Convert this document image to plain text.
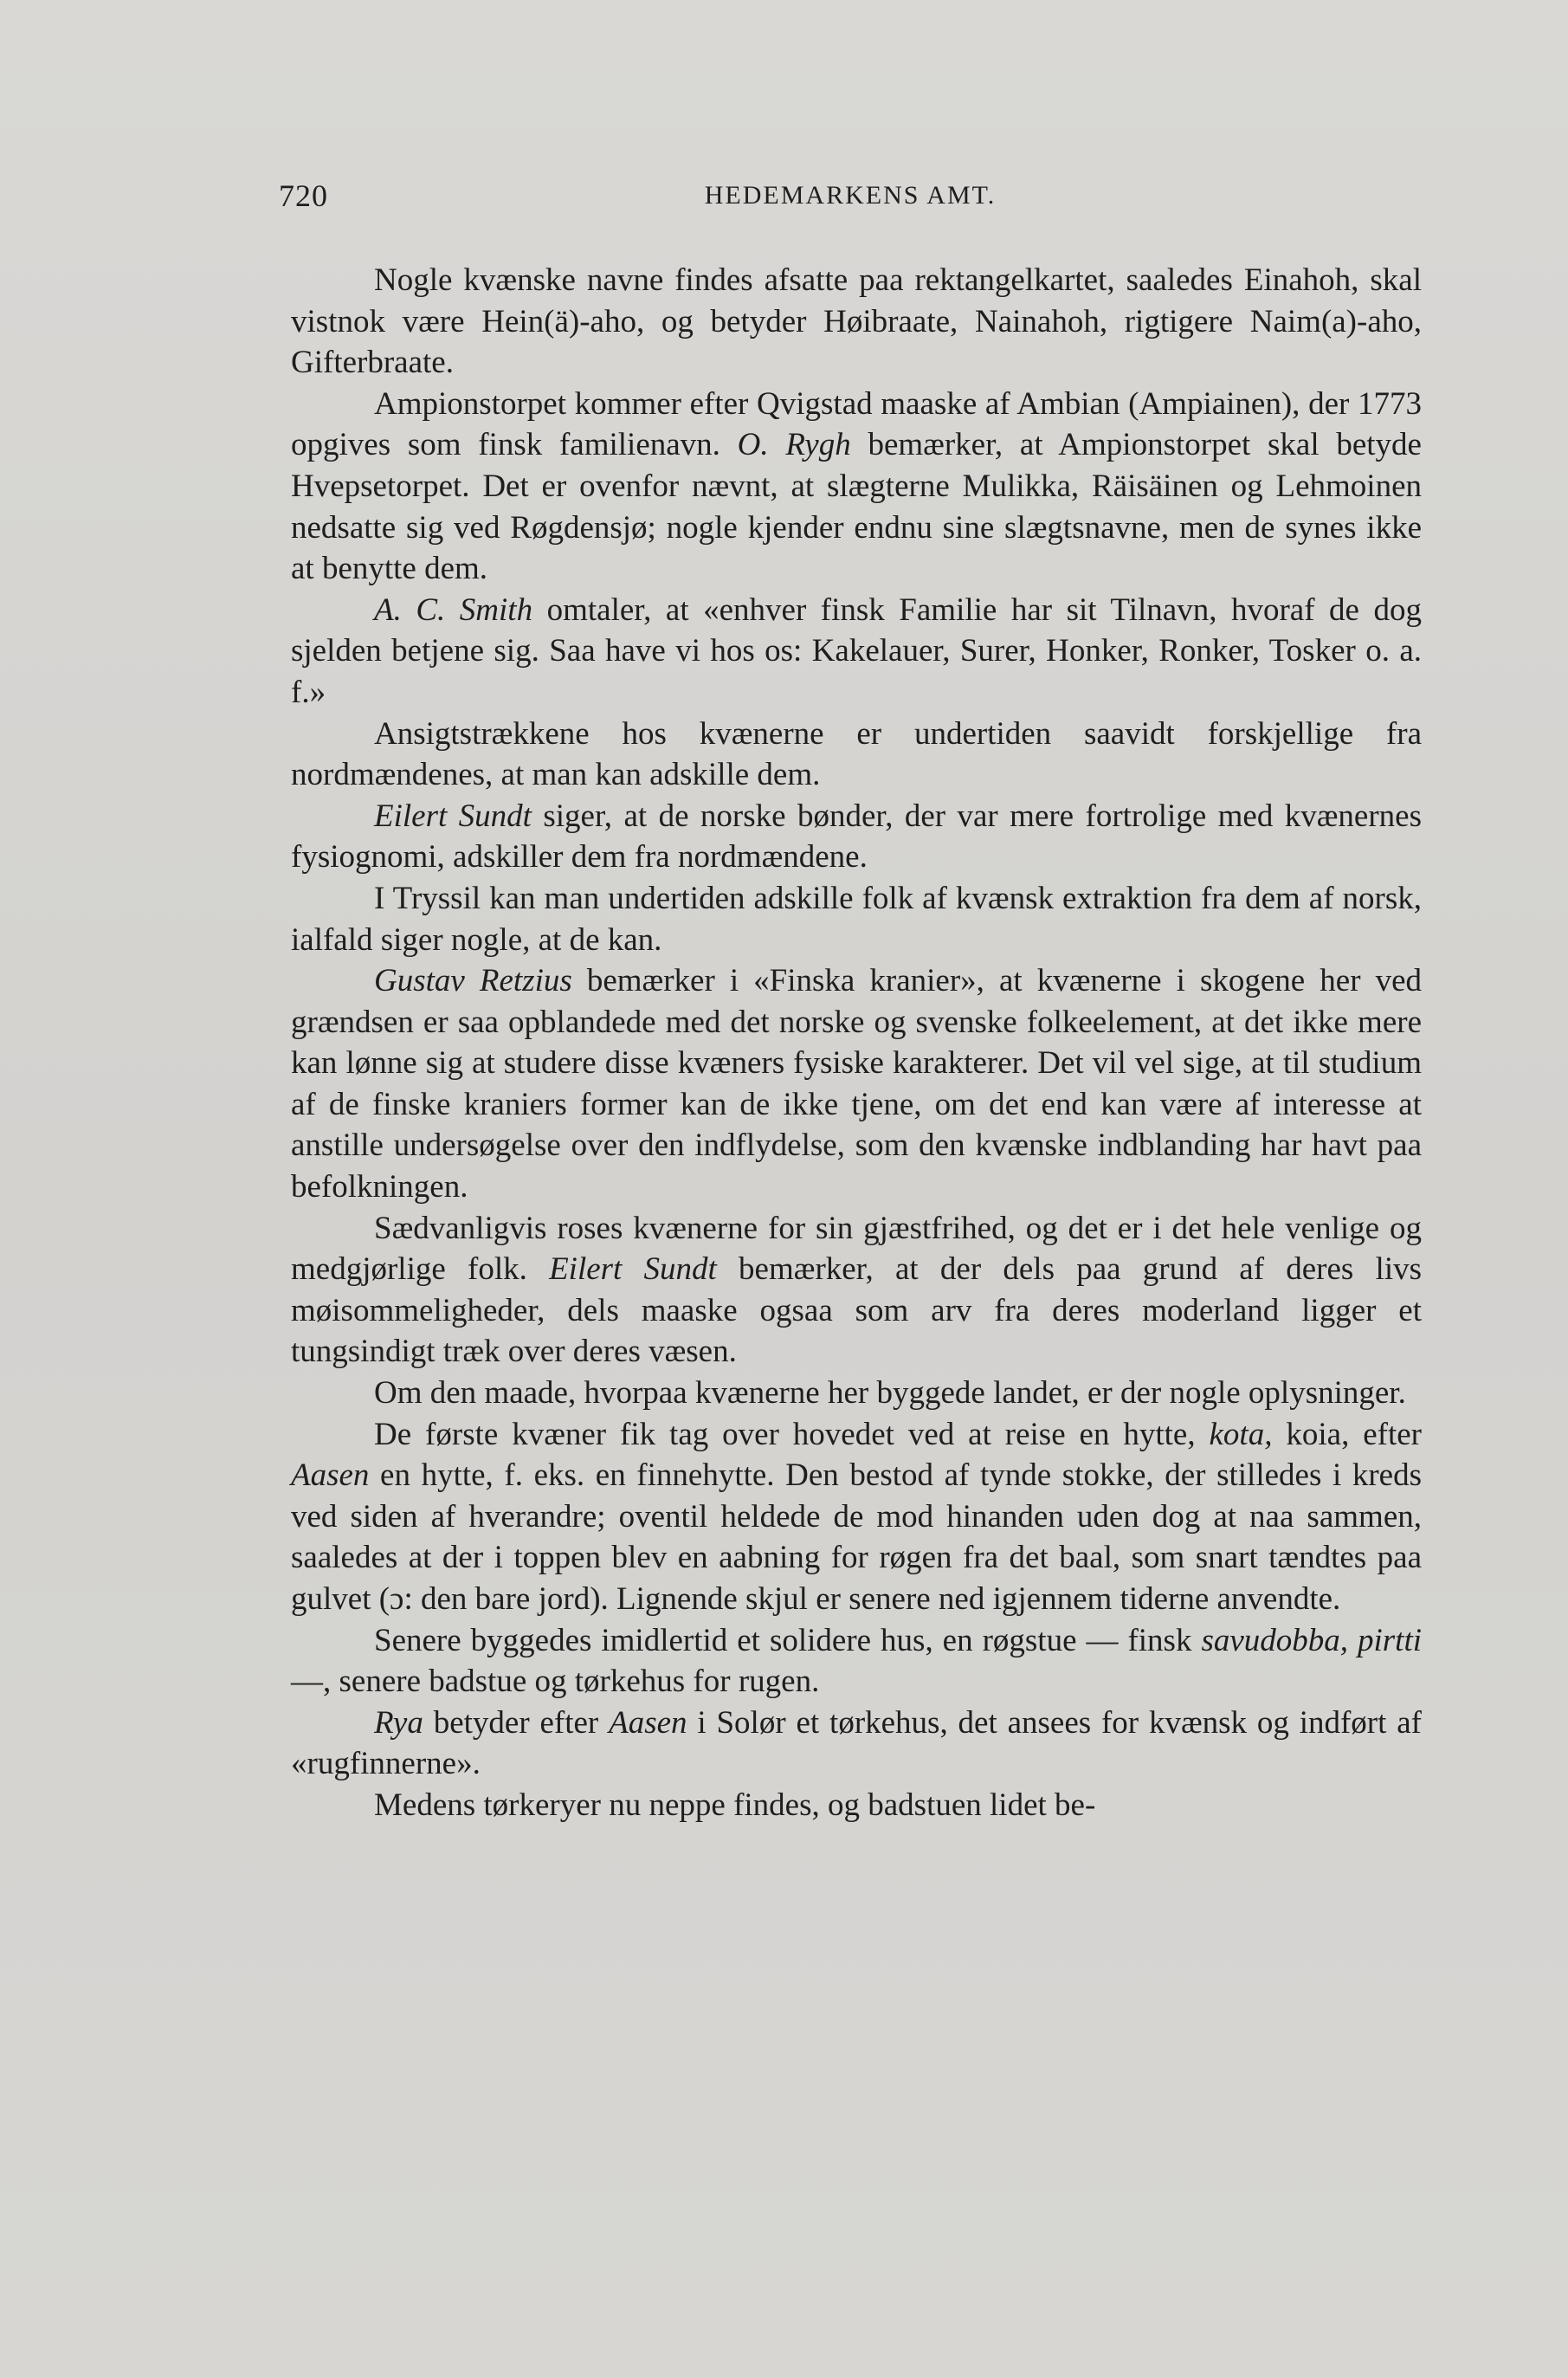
720	HEDEMARKENS AMT.

Nogle kvænske navne findes afsatte paa rektangelkartet, saaledes Einahoh, skal vistnok være Hein(ä)-aho, og betyder Høibraate, Nainahoh, rigtigere Naim(a)-aho, Gifterbraate.

Ampionstorpet kommer efter Qvigstad maaske af Ambian (Ampiainen), der 1773 opgives som finsk familienavn. O. Rygh bemærker, at Ampionstorpet skal betyde Hvepsetorpet. Det er ovenfor nævnt, at slægterne Mulikka, Räisäinen og Lehmoinen nedsatte sig ved Røgdensjø; nogle kjender endnu sine slægtsnavne, men de synes ikke at benytte dem.

A. C. Smith omtaler, at «enhver finsk Familie har sit Tilnavn, hvoraf de dog sjelden betjene sig. Saa have vi hos os: Kakelauer, Surer, Honker, Ronker, Tosker o. a. f.»

Ansigtstrækkene hos kvænerne er undertiden saavidt forskjellige fra nordmændenes, at man kan adskille dem.

Eilert Sundt siger, at de norske bønder, der var mere fortrolige med kvænernes fysiognomi, adskiller dem fra nordmændene.

I Tryssil kan man undertiden adskille folk af kvænsk extraktion fra dem af norsk, ialfald siger nogle, at de kan.

Gustav Retzius bemærker i «Finska kranier», at kvænerne i skogene her ved grændsen er saa opblandede med det norske og svenske folkeelement, at det ikke mere kan lønne sig at studere disse kvæners fysiske karakterer. Det vil vel sige, at til studium af de finske kraniers former kan de ikke tjene, om det end kan være af interesse at anstille undersøgelse over den indflydelse, som den kvænske indblanding har havt paa befolkningen.

Sædvanligvis roses kvænerne for sin gjæstfrihed, og det er i det hele venlige og medgjørlige folk. Eilert Sundt bemærker, at der dels paa grund af deres livs møisommeligheder, dels maaske ogsaa som arv fra deres moderland ligger et tungsindigt træk over deres væsen.

Om den maade, hvorpaa kvænerne her byggede landet, er der nogle oplysninger.

De første kvæner fik tag over hovedet ved at reise en hytte, kota, koia, efter Aasen en hytte, f. eks. en finnehytte. Den bestod af tynde stokke, der stilledes i kreds ved siden af hverandre; oventil heldede de mod hinanden uden dog at naa sammen, saaledes at der i toppen blev en aabning for røgen fra det baal, som snart tændtes paa gulvet (ɔ: den bare jord). Lignende skjul er senere ned igjennem tiderne anvendte.

Senere byggedes imidlertid et solidere hus, en røgstue — finsk savudobba, pirtti —, senere badstue og tørkehus for rugen.

Rya betyder efter Aasen i Solør et tørkehus, det ansees for kvænsk og indført af «rugfinnerne».

Medens tørkeryer nu neppe findes, og badstuen lidet be-
